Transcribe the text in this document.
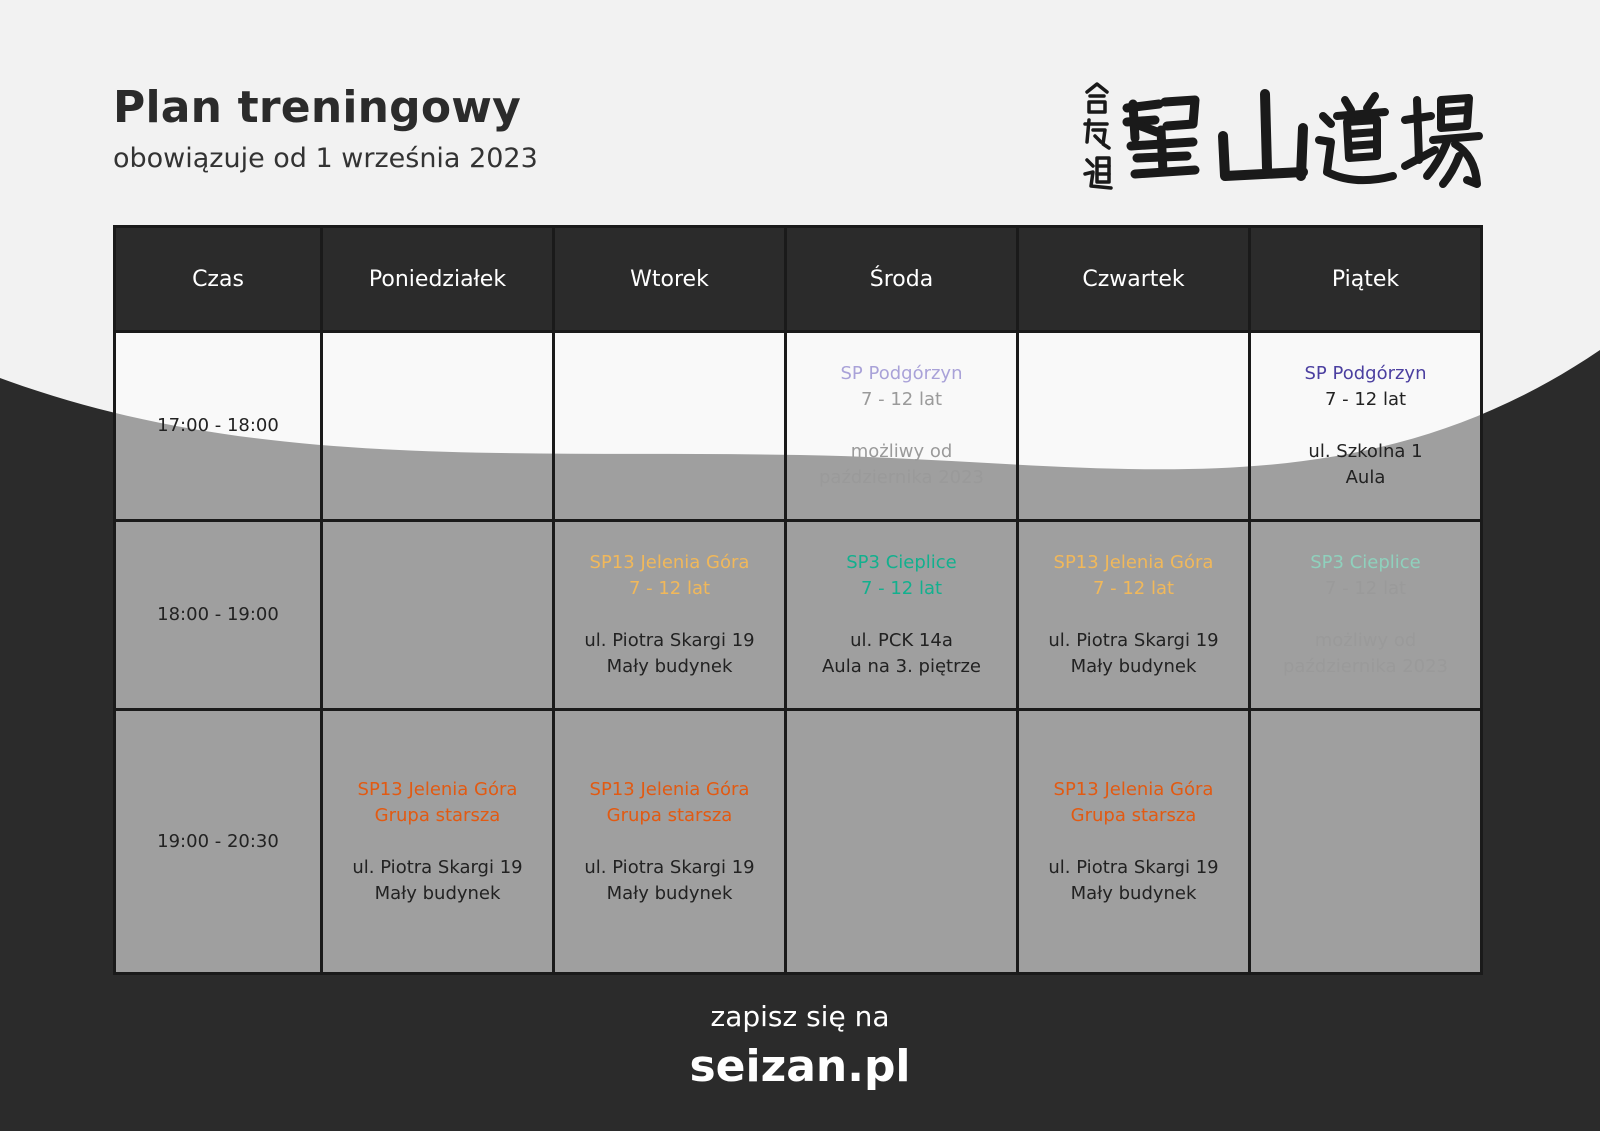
Plan treningowy
obowiązuje od 1 września 2023
Czas	Poniedziałek	Wtorek	Środa	Czwartek	Piątek
17:00 - 18:00			SP Podgórzyn
7 - 12 lat
możliwy od
października 2023		SP Podgórzyn
7 - 12 lat
ul. Szkolna 1
Aula

18:00 - 19:00		SP13 Jelenia Góra
7 - 12 lat
ul. Piotra Skargi 19
Mały budynek	SP3 Cieplice
7 - 12 lat
ul. PCK 14a
Aula na 3. piętrze	SP13 Jelenia Góra
7 - 12 lat
ul. Piotra Skargi 19
Mały budynek	SP3 Cieplice
7 - 12 lat
możliwy od
października 2023

19:00 - 20:30	SP13 Jelenia Góra
Grupa starsza
ul. Piotra Skargi 19
Mały budynek	SP13 Jelenia Góra
Grupa starsza
ul. Piotra Skargi 19
Mały budynek		SP13 Jelenia Góra
Grupa starsza
ul. Piotra Skargi 19
Mały budynek	

zapisz się na
seizan.pl
